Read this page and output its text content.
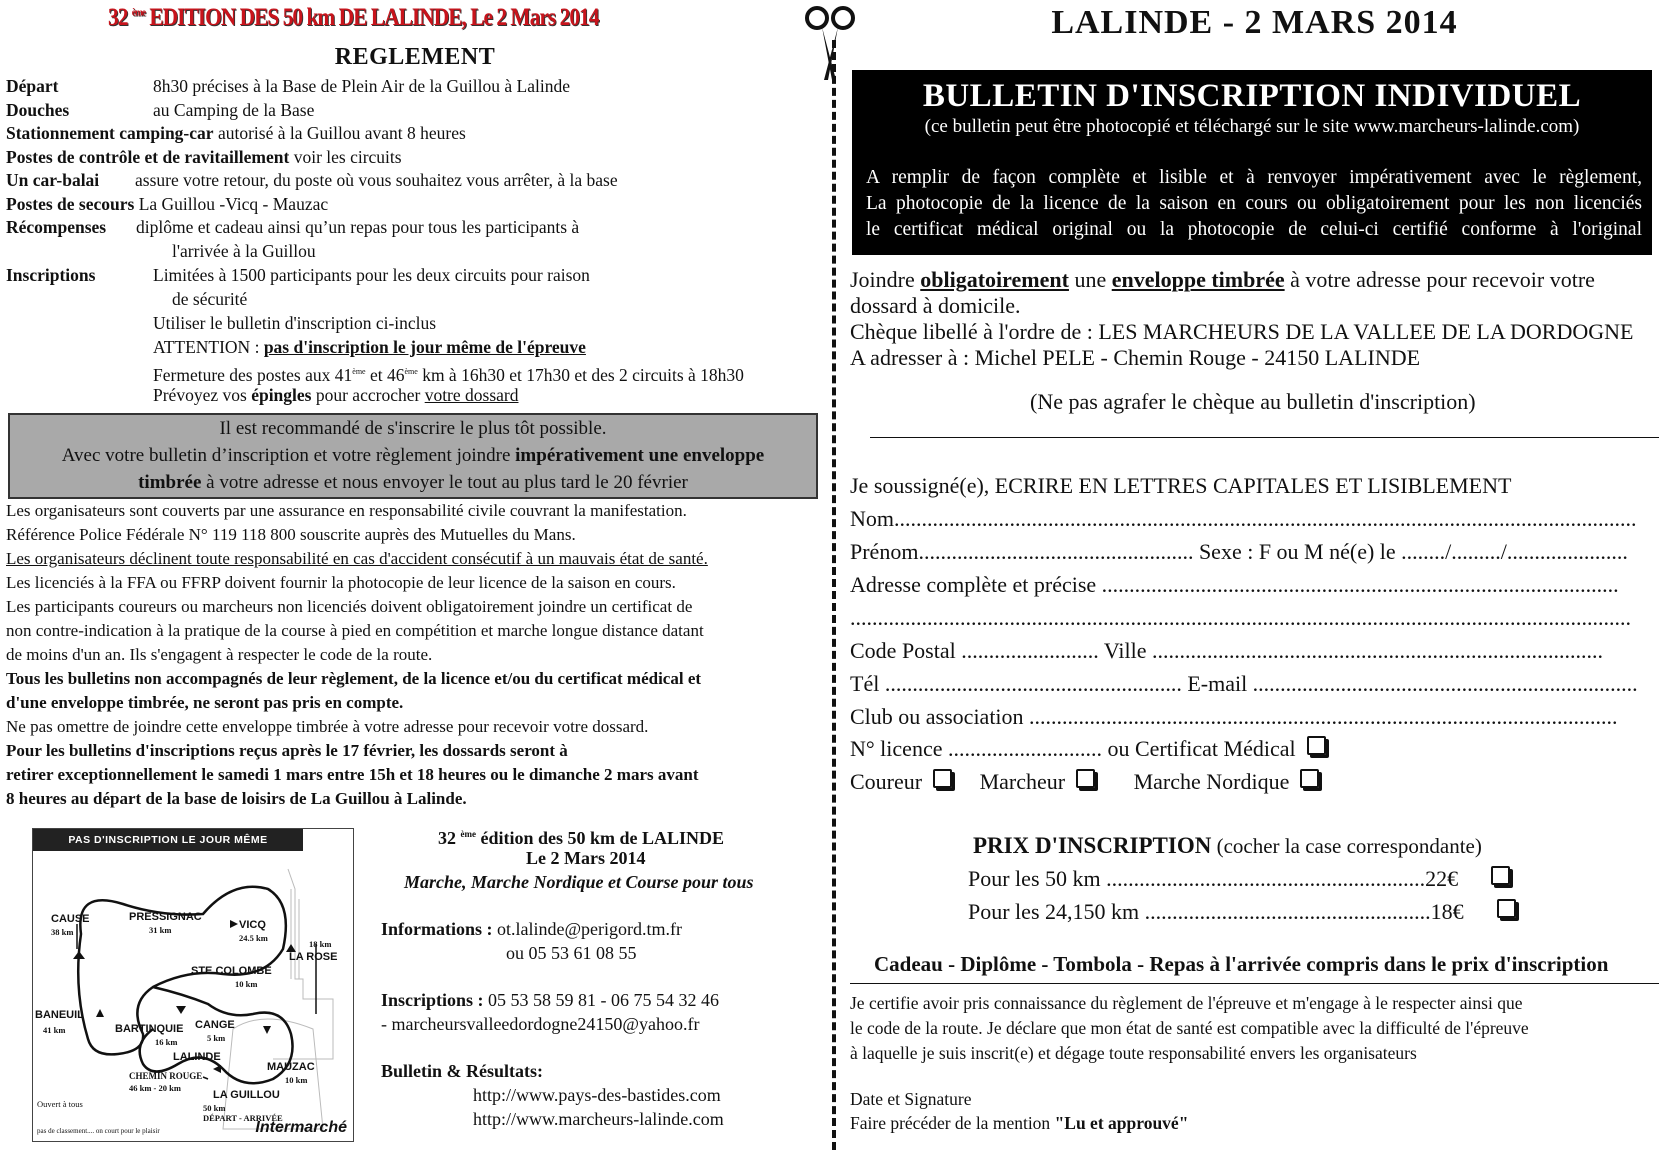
32 $^{ème}$ EDITION DES 50 km DE LALINDE, Le 2 Mars 2014
REGLEMENT
Départ	8h30 précises à la Base de Plein Air de la Guillou à Lalinde
Douches	au Camping de la Base
Stationnement camping-car autorisé à la Guillou avant 8 heures
Postes de contrôle et de ravitaillement voir les circuits
Un car-balai assure votre retour, du poste où vous souhaitez vous arrêter, à la base
Postes de secours La Guillou -Vicq - Mauzac
Récompenses diplôme et cadeau ainsi qu’un repas pour tous les participants à
l'arrivée à la Guillou
Inscriptions	Limitées à 1500 participants pour les deux circuits pour raison
de sécurité
Utiliser le bulletin d'inscription ci-inclus
ATTENTION : pas d'inscription le jour même de l'épreuve
Fermeture des postes aux 41ème et 46ème km à 16h30 et 17h30 et des 2 circuits à 18h30
Prévoyez vos épingles pour accrocher votre dossard
Il est recommandé de s'inscrire le plus tôt possible.
Avec votre bulletin d’inscription et votre règlement joindre impérativement une enveloppe
timbrée à votre adresse et nous envoyer le tout au plus tard le 20 février
Les organisateurs sont couverts par une assurance en responsabilité civile couvrant la manifestation.
Référence Police Fédérale N° 119 118 800 souscrite auprès des Mutuelles du Mans.
Les organisateurs déclinent toute responsabilité en cas d'accident consécutif à un mauvais état de santé.
Les licenciés à la FFA ou FFRP doivent fournir la photocopie de leur licence de la saison en cours.
Les participants coureurs ou marcheurs non licenciés doivent obligatoirement joindre un certificat de
non contre-indication à la pratique de la course à pied en compétition et marche longue distance datant
de moins d'un an. Ils s'engagent à respecter le code de la route.
Tous les bulletins non accompagnés de leur règlement, de la licence et/ou du certificat médical et
d'une enveloppe timbrée, ne seront pas pris en compte.
Ne pas omettre de joindre cette enveloppe timbrée à votre adresse pour recevoir votre dossard.
Pour les bulletins d'inscriptions reçus après le 17 février, les dossards seront à
retirer exceptionnellement le samedi 1 mars entre 15h et 18 heures ou le dimanche 2 mars avant
8 heures au départ de la base de loisirs de La Guillou à Lalinde.
PAS D'INSCRIPTION LE JOUR MÊME
CAUSE
38 km
PRESSIGNAC
31 km	VICQ
24.5 km
18 km
LA ROSE
STE COLOMBE
10 km
BANEUIL
41 km	BARTINQUIE
16 km
CANGE
5 km
LALINDE
MAUZAC
10 km
CHEMIN ROUGE
46 km - 20 km
LA GUILLOU
50 km
DÉPART - ARRIVÉE
Ouvert à tous
pas de classement.... on court pour le plaisir	Intermarché
32 $^{ème}$ édition des 50 km de LALINDE
Le 2 Mars 2014
Marche, Marche Nordique et Course pour tous
Informations : ot.lalinde@perigord.tm.fr
ou 05 53 61 08 55
Inscriptions : 05 53 58 59 81 - 06 75 54 32 46
- marcheursvalleedordogne24150@yahoo.fr
Bulletin & Résultats:
http://www.pays-des-bastides.com
http://www.marcheurs-lalinde.com
LALINDE - 2 MARS 2014
BULLETIN D'INSCRIPTION INDIVIDUEL
(ce bulletin peut être photocopié et téléchargé sur le site www.marcheurs-lalinde.com)
A remplir de façon complète et lisible et à renvoyer impérativement avec le règlement,
La photocopie de la licence de la saison en cours ou obligatoirement pour les non licenciés
le certificat médical original ou la photocopie de celui-ci certifié conforme à l'original
Joindre obligatoirement une enveloppe timbrée à votre adresse pour recevoir votre
dossard à domicile.
Chèque libellé à l'ordre de : LES MARCHEURS DE LA VALLEE DE LA DORDOGNE
A adresser à : Michel PELE - Chemin Rouge - 24150 LALINDE
(Ne pas agrafer le chèque au bulletin d'inscription)
Je soussigné(e), ECRIRE EN LETTRES CAPITALES ET LISIBLEMENT
Nom.......................................................................................................................................
Prénom.................................................. Sexe : F ou M né(e) le ......../........./......................
Adresse complète et précise ..............................................................................................
..............................................................................................................................................
Code Postal ......................... Ville ..................................................................................
Tél ...................................................... E-mail ......................................................................
Club ou association ...........................................................................................................
N° licence ............................ ou Certificat Médical
Coureur	Marcheur	Marche Nordique
PRIX D'INSCRIPTION (cocher la case correspondante)
Pour les 50 km ..........................................................22€
Pour les 24,150 km ....................................................18€
Cadeau - Diplôme - Tombola - Repas à l'arrivée compris dans le prix d'inscription
Je certifie avoir pris connaissance du règlement de l'épreuve et m'engage à le respecter ainsi que
le code de la route. Je déclare que mon état de santé est compatible avec la difficulté de l'épreuve
à laquelle je suis inscrit(e) et dégage toute responsabilité envers les organisateurs
Date et Signature
Faire précéder de la mention "Lu et approuvé"
